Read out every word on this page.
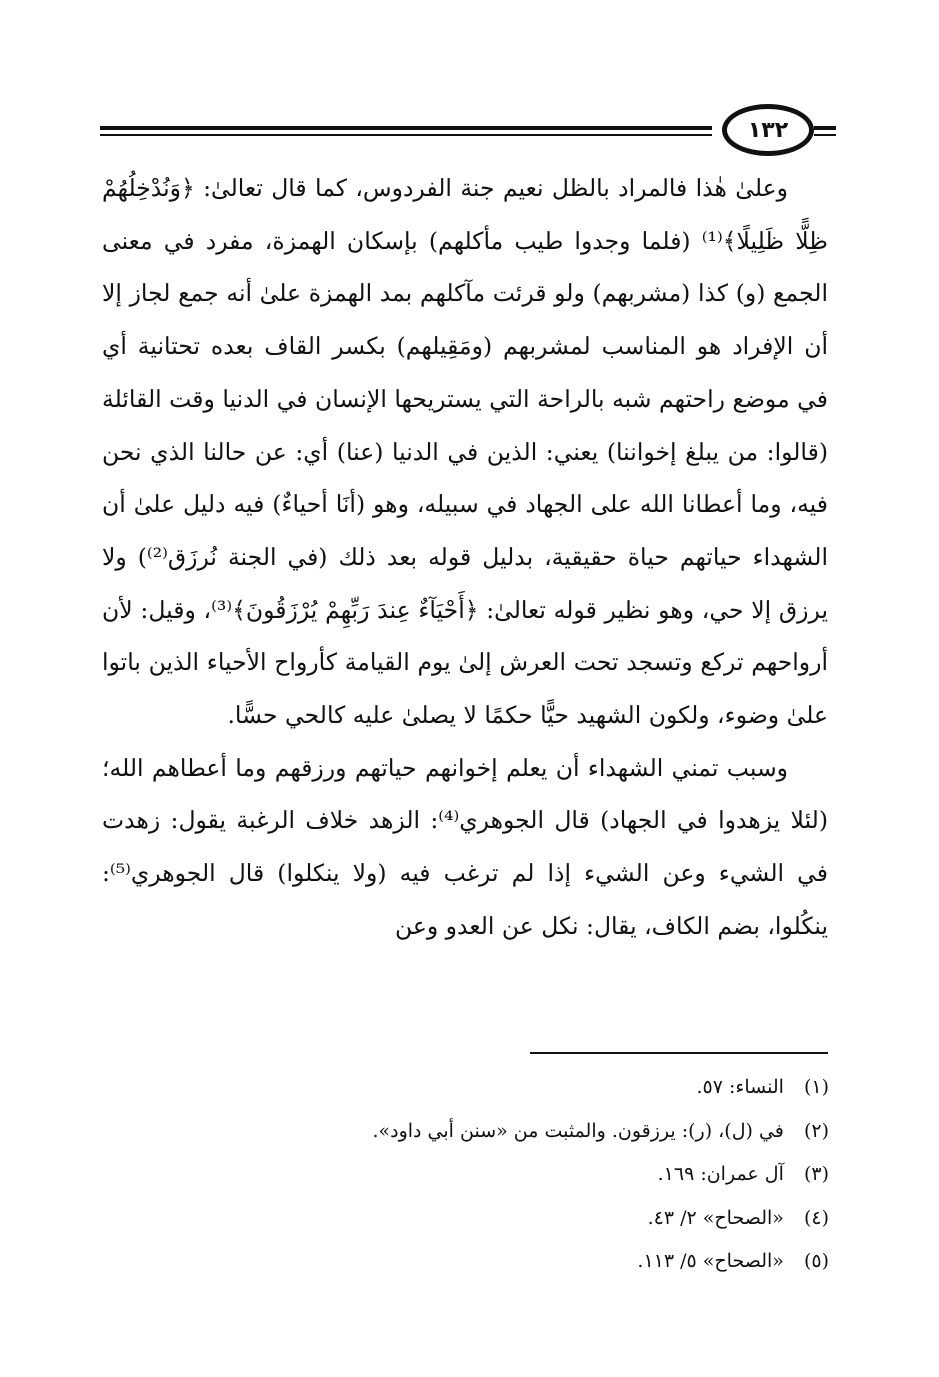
١٣٢

وعلىٰ هٰذا فالمراد بالظل نعيم جنة الفردوس، كما قال تعالىٰ: ﴿وَنُدْخِلُهُمْ ظِلًّا ظَلِيلًا﴾⁽¹⁾ (فلما وجدوا طيب مأكلهم) بإسكان الهمزة، مفرد في معنى الجمع (و) كذا (مشربهم) ولو قرئت مآكلهم بمد الهمزة علىٰ أنه جمع لجاز إلا أن الإفراد هو المناسب لمشربهم (ومَقِيلهم) بكسر القاف بعده تحتانية أي في موضع راحتهم شبه بالراحة التي يستريحها الإنسان في الدنيا وقت القائلة (قالوا: من يبلغ إخواننا) يعني: الذين في الدنيا (عنا) أي: عن حالنا الذي نحن فيه، وما أعطانا الله على الجهاد في سبيله، وهو (أنَا أحياءٌ) فيه دليل علىٰ أن الشهداء حياتهم حياة حقيقية، بدليل قوله بعد ذلك (في الجنة نُرزَق⁽²⁾) ولا يرزق إلا حي، وهو نظير قوله تعالىٰ: ﴿أَحْيَآءٌ عِندَ رَبِّهِمْ يُرْزَقُونَ﴾⁽³⁾، وقيل: لأن أرواحهم تركع وتسجد تحت العرش إلىٰ يوم القيامة كأرواح الأحياء الذين باتوا علىٰ وضوء، ولكون الشهيد حيًّا حكمًا لا يصلىٰ عليه كالحي حسًّا.

وسبب تمني الشهداء أن يعلم إخوانهم حياتهم ورزقهم وما أعطاهم الله؛ (لئلا يزهدوا في الجهاد) قال الجوهري⁽⁴⁾: الزهد خلاف الرغبة يقول: زهدت في الشيء وعن الشيء إذا لم ترغب فيه (ولا ينكلوا) قال الجوهري⁽⁵⁾: ينكُلوا، بضم الكاف، يقال: نكل عن العدو وعن

(١) النساء: ٥٧.
(٢) في (ل)، (ر): يرزقون. والمثبت من «سنن أبي داود».
(٣) آل عمران: ١٦٩.
(٤) «الصحاح» ٢/ ٤٣.
(٥) «الصحاح» ٥/ ١١٣.
